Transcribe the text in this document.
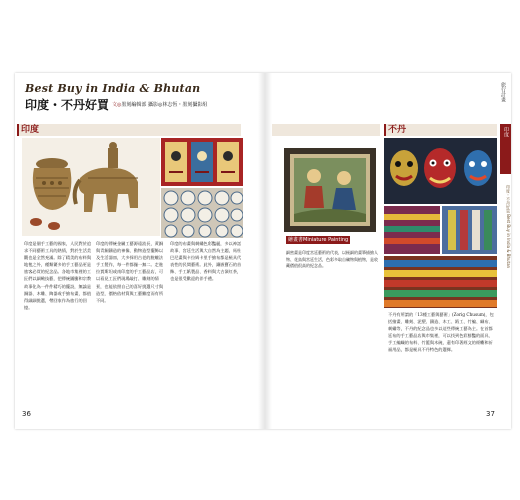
Best Buy in India & Bhutan
印度・不丹好買 文◎墨刻編輯部 攝影◎林志恆・墨刻攝影組
印度	不丹
印度是個手工藝的國家，人民對於追求不同藝術工具的熱情，對於生活美觀也是全然充滿。除了精美的布料與地毯之外，種類繁多的手工藝品更是旅客必買的紀念品。各地市集裡的工匠們以細緻技藝，把傳統圖騰和宗教故事化為一件件精巧的擺設，無論是銅器、木雕、陶器或手繪布畫，都值得細細挑選，帶回家作為旅行的回憶。
印度的傳統金屬工藝源遠流長，黃銅與青銅鑄造的神像、動物造型擺飾以及生活器皿，大多採用古老的脫蠟法手工製作，每一件都獨一無二。走進拉賈斯坦或南印度的手工藝品店，可以看見工匠們現場敲打、雕刻的情景，也能依照自己的喜好挑選尺寸與造型，價格依材質與工藝難度而有所不同。
印度的布畫與刺繡色彩豔麗，多以神話故事、宮廷生活與大自然為主題，馬杜巴尼畫與卡拉姆卡里手繪布都是極具代表性的民間藝術。此外，鑲嵌寶石的首飾、手工紙製品、香料與大吉嶺紅茶，也是很受歡迎的伴手禮。
繪畫書Miniature Painting
細密畫是印度宮廷藝術的代表，以極細的畫筆描繪人物、花鳥與宮廷生活，色彩多取自礦物與植物，是收藏價值很高的紀念品。
不丹有所謂的「13種工藝與藝術」(Zorig Chusum)，包括繪畫、雕刻、泥塑、鑄造、木工、紙工、竹編、織布、刺繡等，不丹的紀念品也多以這些傳統工藝為主。在首都廷布的手工藝品店與市集裡，可以找到色彩鮮豔的面具、手工編織的布料、竹籃與木碗，還有印著經文的經幡和祈福用品，都是極具不丹特色的選擇。
旅行計畫
印度
印度・不丹好買 Best Buy in India & Bhutan
36	37
